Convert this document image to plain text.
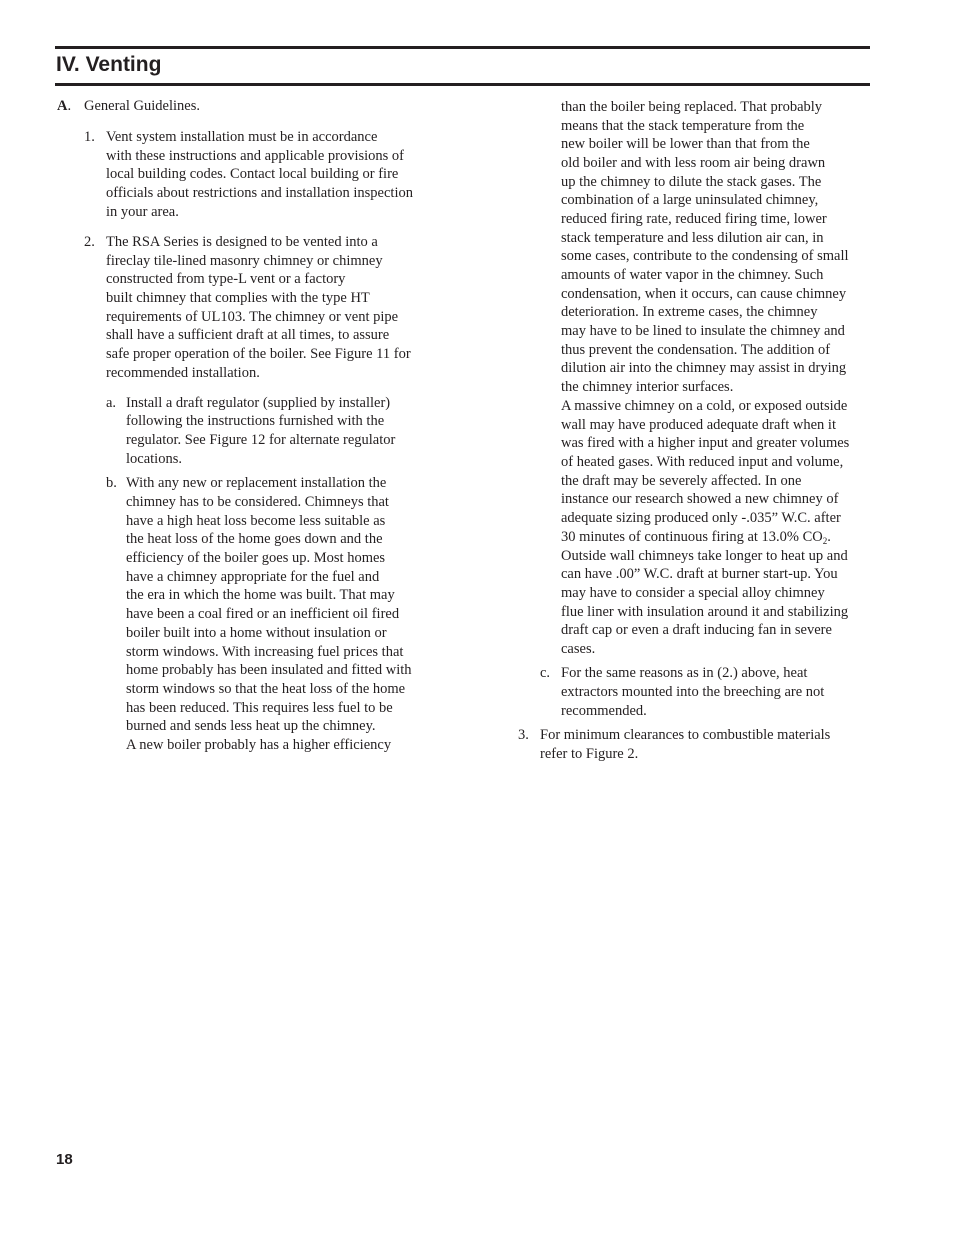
IV. Venting
A. General Guidelines.
1. Vent system installation must be in accordance
with these instructions and applicable provisions of
local building codes. Contact local building or fire
officials about restrictions and installation inspection
in your area.
2. The RSA Series is designed to be vented into a
fireclay tile-lined masonry chimney or chimney
constructed from type-L vent or a factory
built chimney that complies with the type HT
requirements of UL103. The chimney or vent pipe
shall have a sufficient draft at all times, to assure
safe proper operation of the boiler. See Figure 11 for
recommended installation.
a. Install a draft regulator (supplied by installer)
following the instructions furnished with the
regulator. See Figure 12 for alternate regulator
locations.
b. With any new or replacement installation the
chimney has to be considered. Chimneys that
have a high heat loss become less suitable as
the heat loss of the home goes down and the
efficiency of the boiler goes up. Most homes
have a chimney appropriate for the fuel and
the era in which the home was built. That may
have been a coal fired or an inefficient oil fired
boiler built into a home without insulation or
storm windows. With increasing fuel prices that
home probably has been insulated and fitted with
storm windows so that the heat loss of the home
has been reduced. This requires less fuel to be
burned and sends less heat up the chimney.
A new boiler probably has a higher efficiency
than the boiler being replaced. That probably
means that the stack temperature from the
new boiler will be lower than that from the
old boiler and with less room air being drawn
up the chimney to dilute the stack gases. The
combination of a large uninsulated chimney,
reduced firing rate, reduced firing time, lower
stack temperature and less dilution air can, in
some cases, contribute to the condensing of small
amounts of water vapor in the chimney. Such
condensation, when it occurs, can cause chimney
deterioration. In extreme cases, the chimney
may have to be lined to insulate the chimney and
thus prevent the condensation. The addition of
dilution air into the chimney may assist in drying
the chimney interior surfaces.
A massive chimney on a cold, or exposed outside
wall may have produced adequate draft when it
was fired with a higher input and greater volumes
of heated gases. With reduced input and volume,
the draft may be severely affected. In one
instance our research showed a new chimney of
adequate sizing produced only -.035” W.C. after
30 minutes of continuous firing at 13.0% $CO_2$.
Outside wall chimneys take longer to heat up and
can have .00” W.C. draft at burner start-up. You
may have to consider a special alloy chimney
flue liner with insulation around it and stabilizing
draft cap or even a draft inducing fan in severe
cases.
c. For the same reasons as in (2.) above, heat
extractors mounted into the breeching are not
recommended.
3. For minimum clearances to combustible materials
refer to Figure 2.
18
